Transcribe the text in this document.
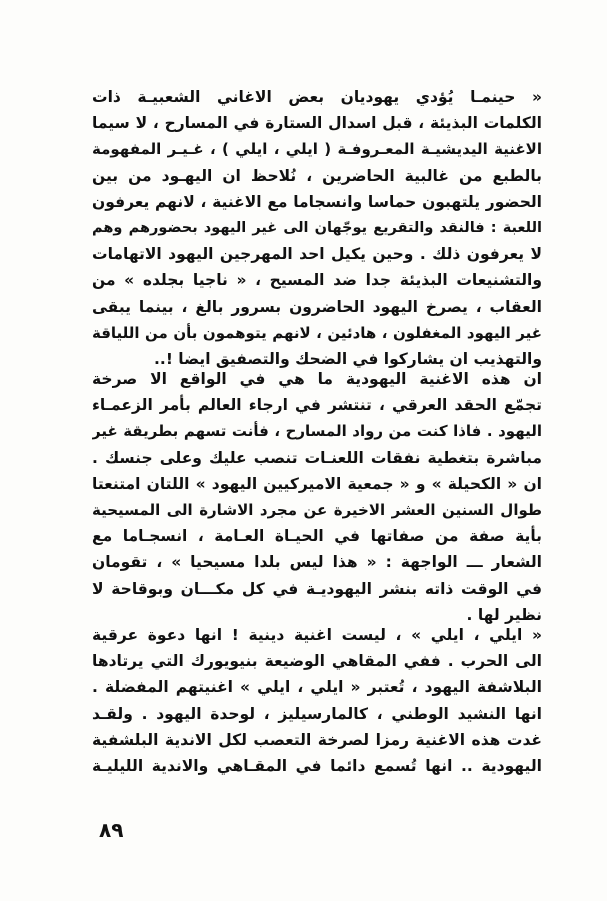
« حينمـا يُؤدي يهوديان بعض الاغاني الشعبيـة ذات
الكلمات البذيئة ، قبل اسدال الستارة في المسارح ، لا سيما
الاغنية اليديشيـة المعـروفـة ( ايلي ، ايلي ) ، غـيـر المفهومة
بالطبع من غالبية الحاضرين ، نُلاحظ ان اليهـود من بين
الحضور يلتهبون حماسا وانسجاما مع الاغنية ، لانهم يعرفون
اللعبة : فالنقد والتقريع يوجّهان الى غير اليهود بحضورهم وهم
لا يعرفون ذلك . وحين يكيل احد المهرجين اليهود الاتهامات
والتشنيعات البذيئة جدا ضد المسيح ، « ناجيا بجلده » من
العقاب ، يصرخ اليهود الحاضرون بسرور بالغ ، بينما يبقى
غير اليهود المغفلون ، هادئين ، لانهم يتوهمون بأن من اللياقة
والتهذيب ان يشاركوا في الضحك والتصفيق ايضا !..
ان هذه الاغنية اليهودية ما هي في الواقع الا صرخة
تجمّع الحقد العرقي ، تنتشر في ارجاء العالم بأمر الزعمـاء
اليهود . فاذا كنت من رواد المسارح ، فأنت تسهم بطريقة غير
مباشرة بتغطية نفقات اللعنـات تنصب عليك وعلى جنسك .
ان « الكحيلة » و « جمعية الاميركيين اليهود » اللتان امتنعتا
طوال السنين العشر الاخيرة عن مجرد الاشارة الى المسيحية
بأية صفة من صفاتها في الحيـاة العـامة ، انسجـاما مع
الشعار ـــ الواجهة : « هذا ليس بلدا مسيحيا » ، تقومان
في الوقت ذاته بنشر اليهوديـة في كل مكـــان وبوقاحة لا
نظير لها .
« ايلي ، ايلي » ، ليست اغنية دينية ! انها دعوة عرقية
الى الحرب . ففي المقاهي الوضيعة بنيويورك التي يرتادها
البلاشفة اليهود ، تُعتبر « ايلي ، ايلي » اغنيتهم المفضلة .
انها النشيد الوطني ، كالمارسيليز ، لوحدة اليهود . ولقـد
غدت هذه الاغنية رمزا لصرخة التعصب لكل الاندية البلشفية
اليهودية .. انها تُسمع دائما في المقـاهي والاندية الليليـة
٨٩
